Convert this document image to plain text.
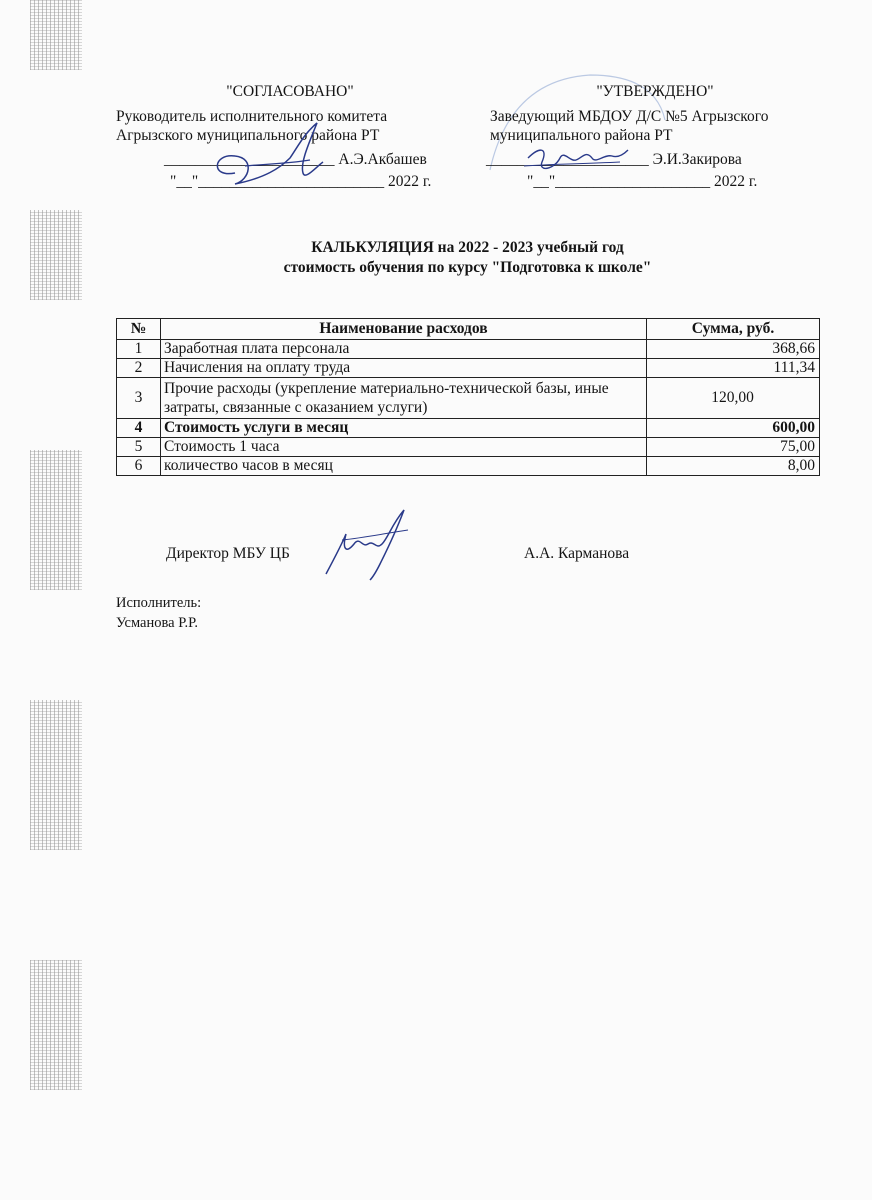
"СОГЛАСОВАНО"
Руководитель исполнительного комитета
Агрызского муниципального района РТ
______________________ А.Э.Акбашев
"__"________________________ 2022 г.
"УТВЕРЖДЕНО"
Заведующий МБДОУ Д/С №5 Агрызского
муниципального района РТ
_____________________ Э.И.Закирова
"__"____________________ 2022 г.
КАЛЬКУЛЯЦИЯ на 2022 - 2023 учебный год
стоимость обучения по курсу "Подготовка к школе"
№	Наименование расходов	Сумма, руб.
1	Заработная плата персонала	368,66
2	Начисления на оплату труда	111,34
3	Прочие расходы (укрепление материально-технической базы, иные затраты, связанные с оказанием услуги)	120,00
4	Стоимость услуги в месяц	600,00
5	Стоимость 1 часа	75,00
6	количество часов в месяц	8,00
Директор МБУ ЦБ	А.А. Карманова
Исполнитель:
Усманова Р.Р.
